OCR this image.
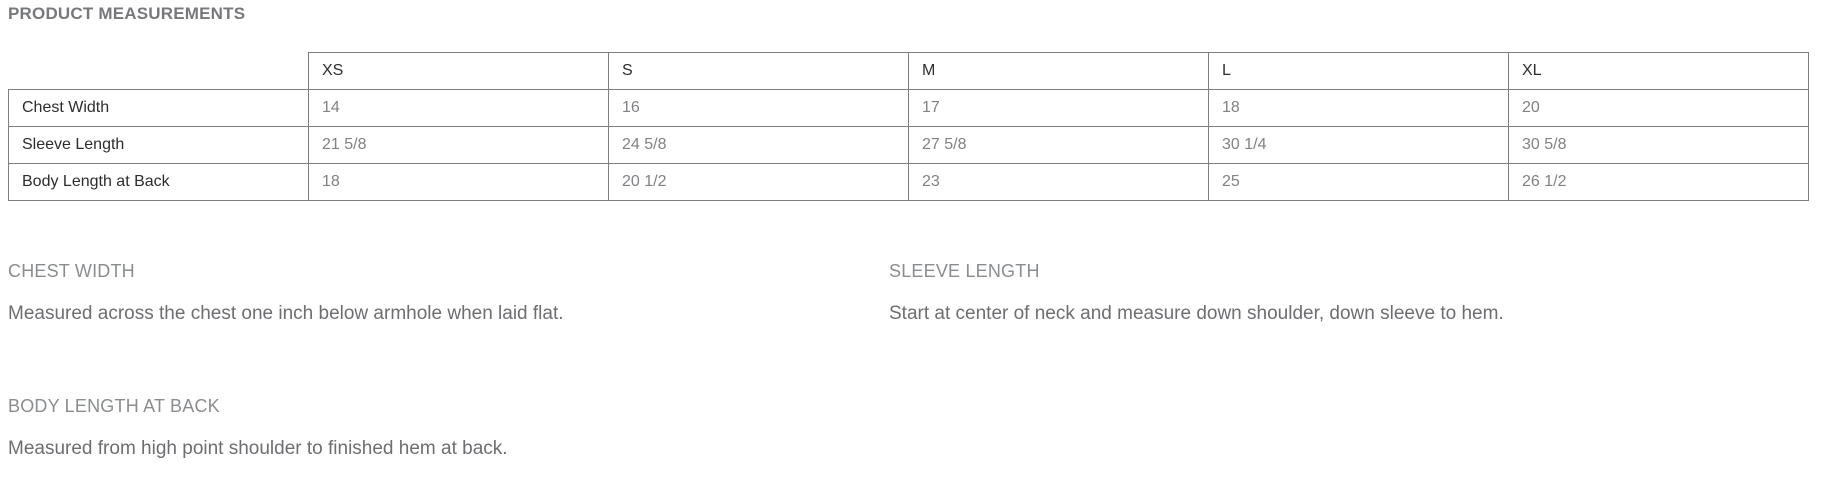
PRODUCT MEASUREMENTS
	XS	S	M	L	XL
Chest Width	14	16	17	18	20
Sleeve Length	21 5/8	24 5/8	27 5/8	30 1/4	30 5/8
Body Length at Back	18	20 1/2	23	25	26 1/2
CHEST WIDTH

Measured across the chest one inch below armhole when laid flat.

SLEEVE LENGTH

Start at center of neck and measure down shoulder, down sleeve to hem.

BODY LENGTH AT BACK

Measured from high point shoulder to finished hem at back.
